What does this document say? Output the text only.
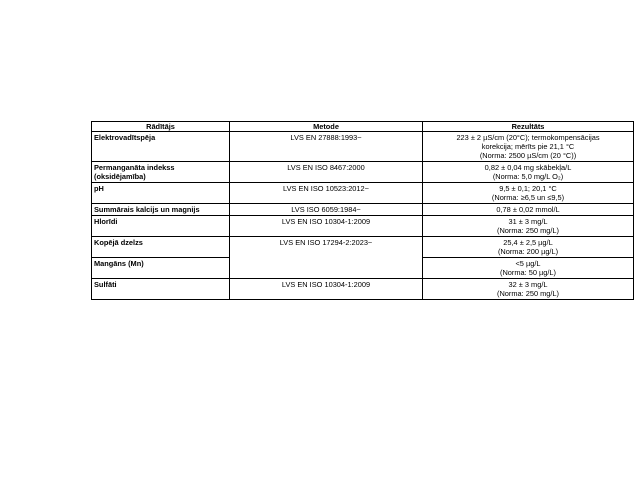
Rādītājs	Metode	Rezultāts
Elektrovadītspēja	LVS EN 27888:1993~	223 ± 2 µS/cm (20°C); termokompensācijas
korekcija; mērīts pie 21,1 °C
(Norma: 2500 µS/cm (20 °C))

Permanganāta indekss (oksidējamība)	LVS EN ISO 8467:2000	0,82 ± 0,04 mg skābekļa/L
(Norma: 5,0 mg/L O₂)

pH	LVS EN ISO 10523:2012~	9,5 ± 0,1; 20,1 °C
(Norma: ≥6,5 un ≤9,5)

Summārais kalcijs un magnijs	LVS ISO 6059:1984~	0,78 ± 0,02 mmol/L

Hlorīdi	LVS EN ISO 10304-1:2009	31 ± 3 mg/L
(Norma: 250 mg/L)

Kopējā dzelzs	LVS EN ISO 17294-2:2023~	25,4 ± 2,5 µg/L
(Norma: 200 µg/L)

Mangāns (Mn)		<5 µg/L
(Norma: 50 µg/L)

Sulfāti	LVS EN ISO 10304-1:2009	32 ± 3 mg/L
(Norma: 250 mg/L)
